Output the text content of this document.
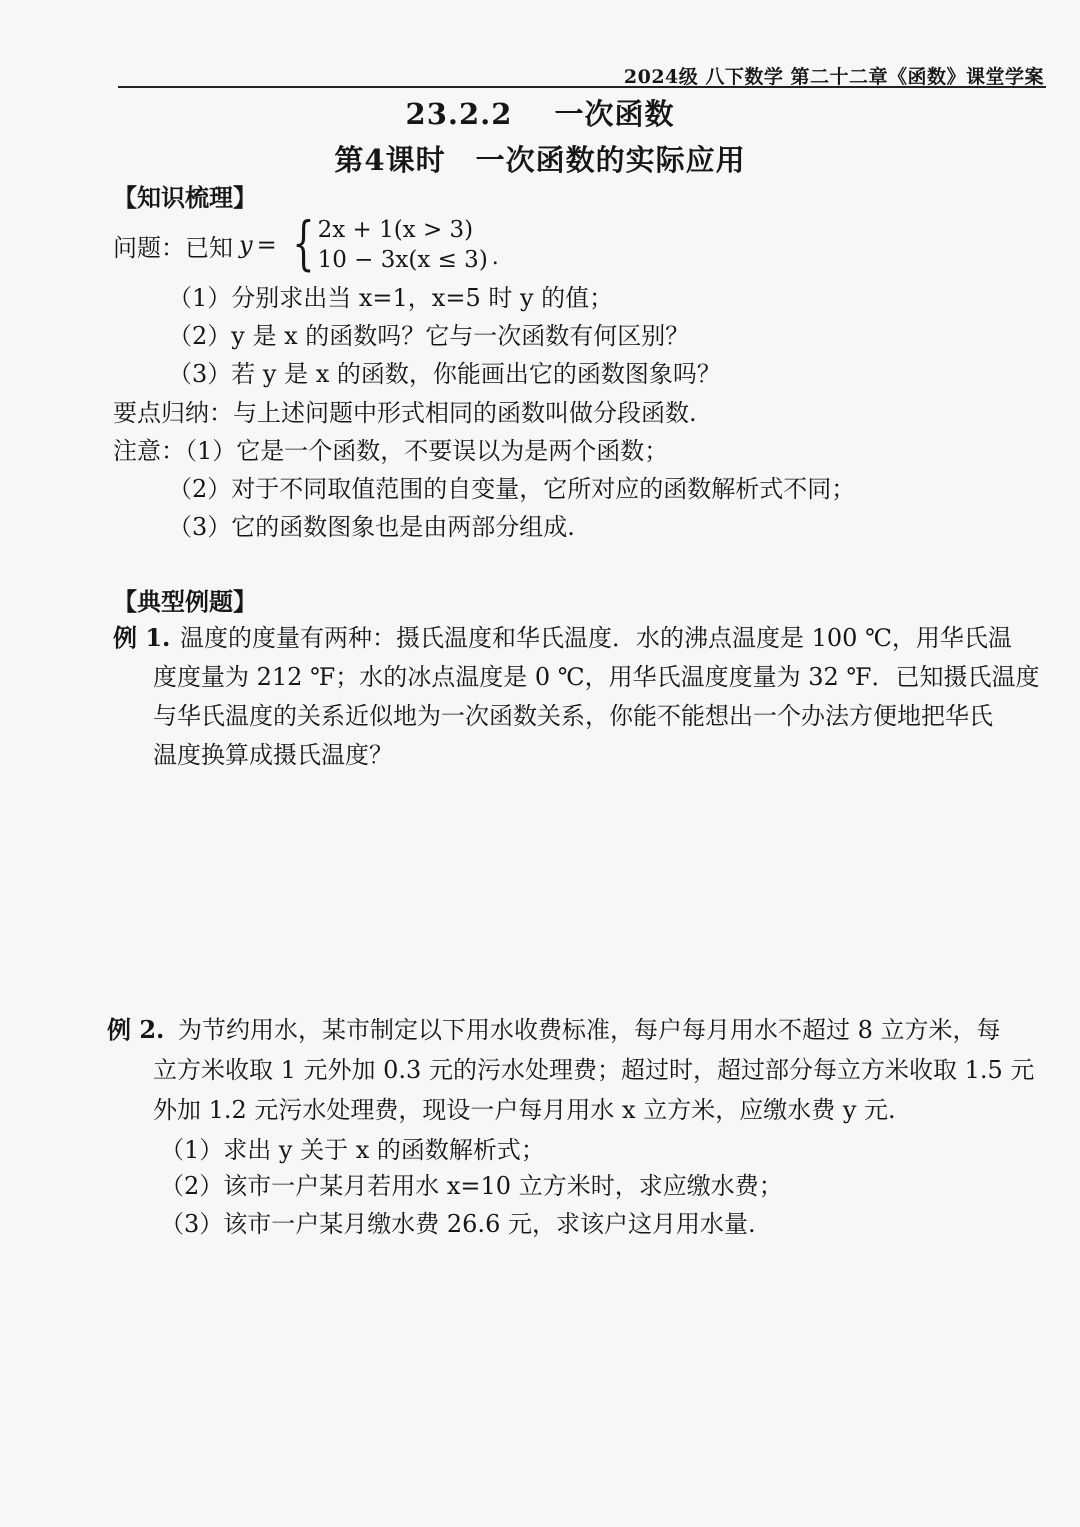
2024级 八下数学 第二十二章《函数》课堂学案
23.2.2 一次函数
第4课时 一次函数的实际应用
【知识梳理】
问题：已知 y = { 2x + 1(x > 3)
10 − 3x(x ≤ 3) .
（1）分别求出当 x=1，x=5 时 y 的值；
（2）y 是 x 的函数吗？它与一次函数有何区别？
（3）若 y 是 x 的函数，你能画出它的函数图象吗？
要点归纳：与上述问题中形式相同的函数叫做分段函数.
注意：（1）它是一个函数，不要误以为是两个函数；
（2）对于不同取值范围的自变量，它所对应的函数解析式不同；
（3）它的函数图象也是由两部分组成.
【典型例题】
例 1. 温度的度量有两种：摄氏温度和华氏温度．水的沸点温度是 100 ℃，用华氏温
度度量为 212 ℉；水的冰点温度是 0 ℃，用华氏温度度量为 32 ℉．已知摄氏温度
与华氏温度的关系近似地为一次函数关系，你能不能想出一个办法方便地把华氏
温度换算成摄氏温度？
例 2. 为节约用水，某市制定以下用水收费标准，每户每月用水不超过 8 立方米，每
立方米收取 1 元外加 0.3 元的污水处理费；超过时，超过部分每立方米收取 1.5 元
外加 1.2 元污水处理费，现设一户每月用水 x 立方米，应缴水费 y 元.
（1）求出 y 关于 x 的函数解析式；
（2）该市一户某月若用水 x=10 立方米时，求应缴水费；
（3）该市一户某月缴水费 26.6 元，求该户这月用水量.
